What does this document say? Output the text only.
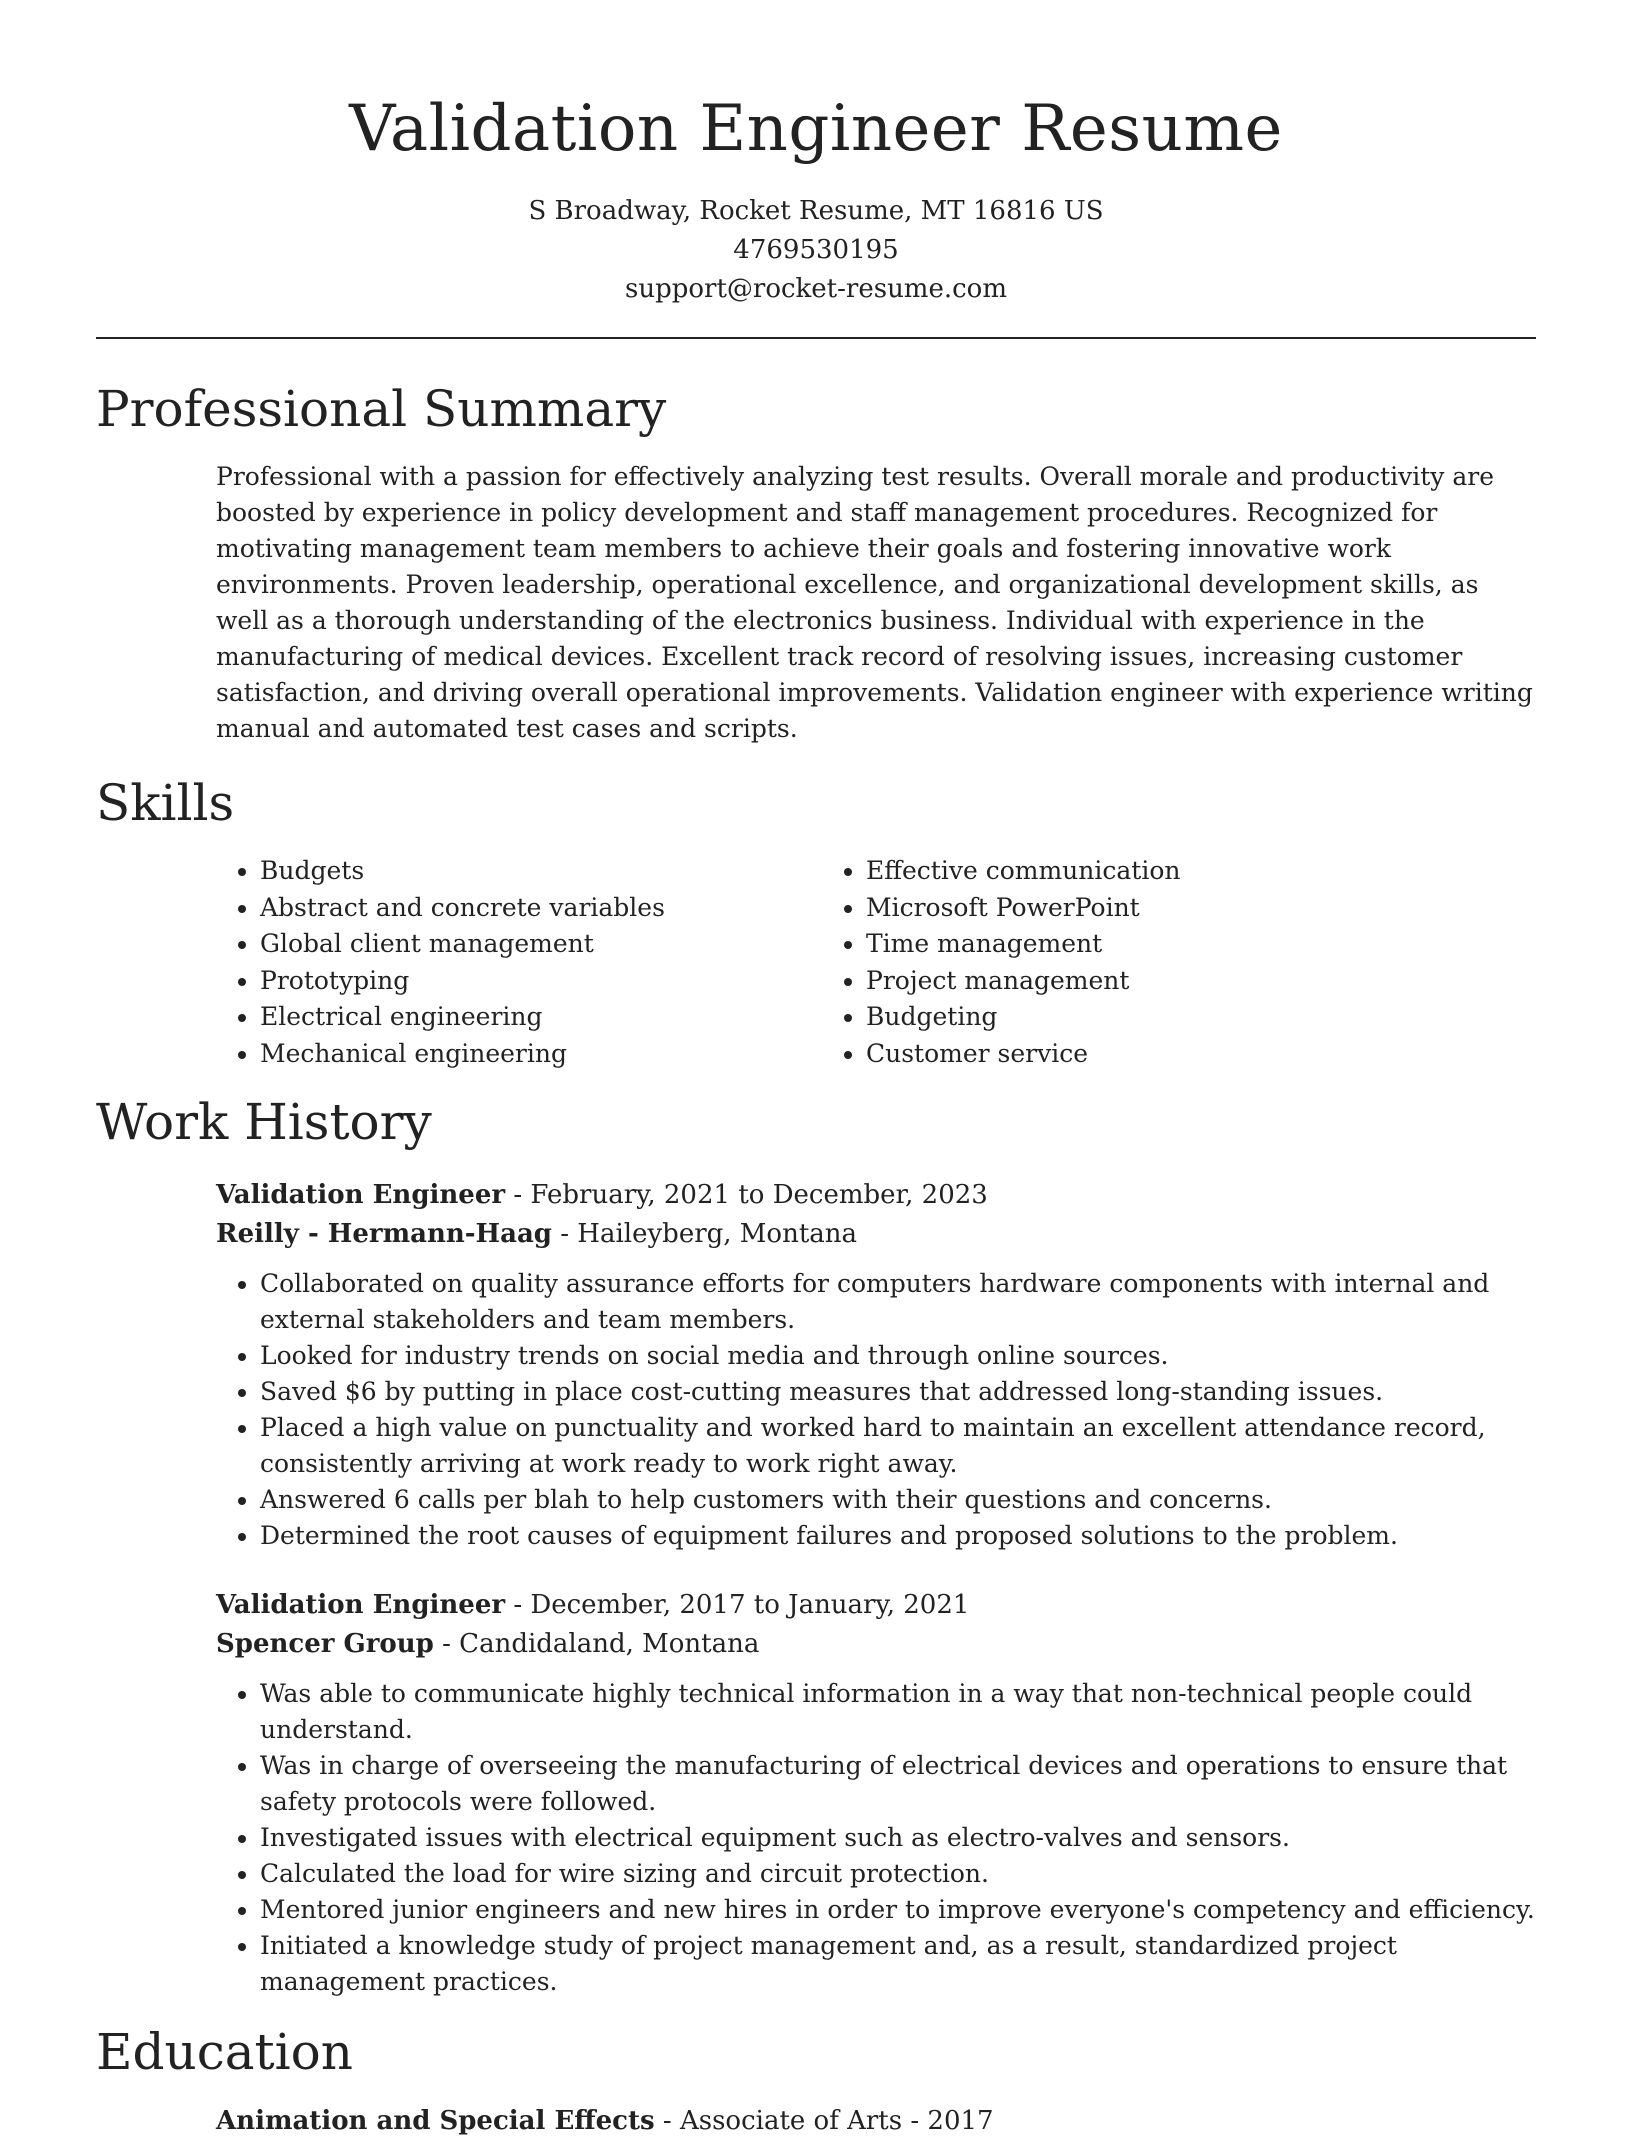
Validation Engineer Resume
S Broadway, Rocket Resume, MT 16816 US
4769530195
support@rocket-resume.com
Professional Summary

Professional with a passion for effectively analyzing test results. Overall morale and productivity are boosted by experience in policy development and staff management procedures. Recognized for motivating management team members to achieve their goals and fostering innovative work environments. Proven leadership, operational excellence, and organizational development skills, as well as a thorough understanding of the electronics business. Individual with experience in the manufacturing of medical devices. Excellent track record of resolving issues, increasing customer satisfaction, and driving overall operational improvements. Validation engineer with experience writing manual and automated test cases and scripts.

Skills
• Budgets
• Abstract and concrete variables
• Global client management
• Prototyping
• Electrical engineering
• Mechanical engineering
• Effective communication
• Microsoft PowerPoint
• Time management
• Project management
• Budgeting
• Customer service
Work History
Validation Engineer - February, 2021 to December, 2023
Reilly - Hermann-Haag - Haileyberg, Montana
• Collaborated on quality assurance efforts for computers hardware components with internal and external stakeholders and team members.
• Looked for industry trends on social media and through online sources.
• Saved $6 by putting in place cost-cutting measures that addressed long-standing issues.
• Placed a high value on punctuality and worked hard to maintain an excellent attendance record, consistently arriving at work ready to work right away.
• Answered 6 calls per blah to help customers with their questions and concerns.
• Determined the root causes of equipment failures and proposed solutions to the problem.
Validation Engineer - December, 2017 to January, 2021
Spencer Group - Candidaland, Montana
• Was able to communicate highly technical information in a way that non-technical people could understand.
• Was in charge of overseeing the manufacturing of electrical devices and operations to ensure that safety protocols were followed.
• Investigated issues with electrical equipment such as electro-valves and sensors.
• Calculated the load for wire sizing and circuit protection.
• Mentored junior engineers and new hires in order to improve everyone's competency and efficiency.
• Initiated a knowledge study of project management and, as a result, standardized project management practices.
Education
Animation and Special Effects - Associate of Arts - 2017
